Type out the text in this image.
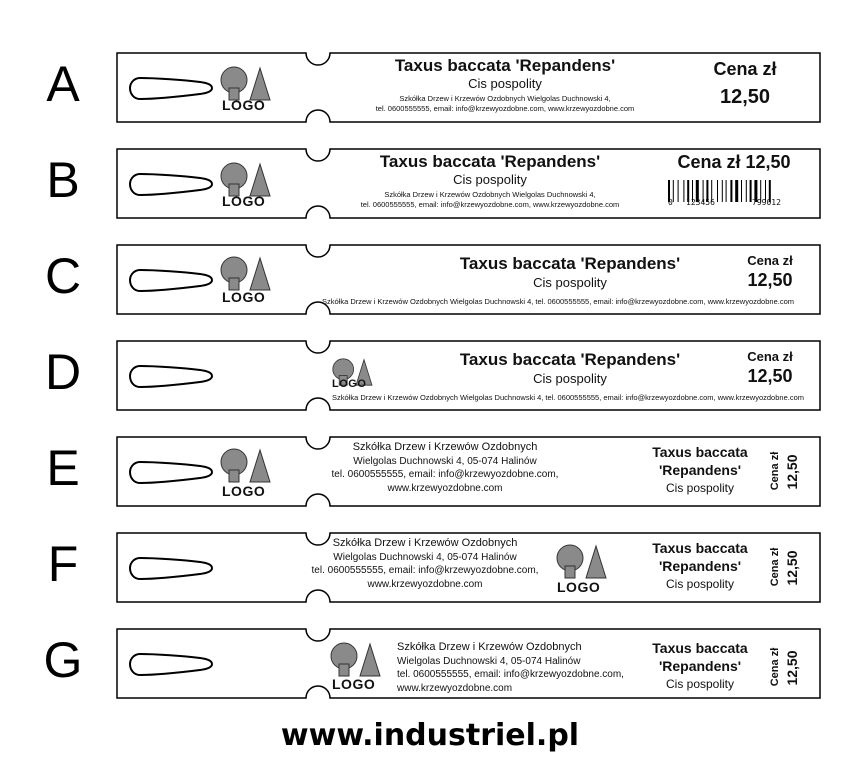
A	LOGO
Taxus baccata 'Repandens'
Cis pospolity
Szkółka Drzew i Krzewów Ozdobnych Wielgolas Duchnowski 4,
tel. 0600555555, email: info@krzewyozdobne.com, www.krzewyozdobne.com
Cena zł
12,50
B	LOGO
Taxus baccata 'Repandens'
Cis pospolity
Szkółka Drzew i Krzewów Ozdobnych Wielgolas Duchnowski 4,
tel. 0600555555, email: info@krzewyozdobne.com, www.krzewyozdobne.com
Cena zł 12,50
0 123456	799012
C	LOGO
Taxus baccata 'Repandens'
Cis pospolity
Szkółka Drzew i Krzewów Ozdobnych Wielgolas Duchnowski 4, tel. 0600555555, email: info@krzewyozdobne.com, www.krzewyozdobne.com
Cena zł
12,50
D	LOGO
Taxus baccata 'Repandens'
Cis pospolity
Szkółka Drzew i Krzewów Ozdobnych Wielgolas Duchnowski 4, tel. 0600555555, email: info@krzewyozdobne.com, www.krzewyozdobne.com
Cena zł
12,50
E	LOGO
Szkółka Drzew i Krzewów Ozdobnych
Wielgolas Duchnowski 4, 05-074 Halinów
tel. 0600555555, email: info@krzewyozdobne.com,
www.krzewyozdobne.com
Taxus baccata
'Repandens'
Cis pospolity	Cena zł 12,50
F	LOGO
Szkółka Drzew i Krzewów Ozdobnych
Wielgolas Duchnowski 4, 05-074 Halinów
tel. 0600555555, email: info@krzewyozdobne.com,
www.krzewyozdobne.com
Taxus baccata
'Repandens'
Cis pospolity	Cena zł 12,50
G	LOGO
Szkółka Drzew i Krzewów Ozdobnych
Wielgolas Duchnowski 4, 05-074 Halinów
tel. 0600555555, email: info@krzewyozdobne.com,
www.krzewyozdobne.com
Taxus baccata
'Repandens'
Cis pospolity	Cena zł 12,50
www.industriel.pl
